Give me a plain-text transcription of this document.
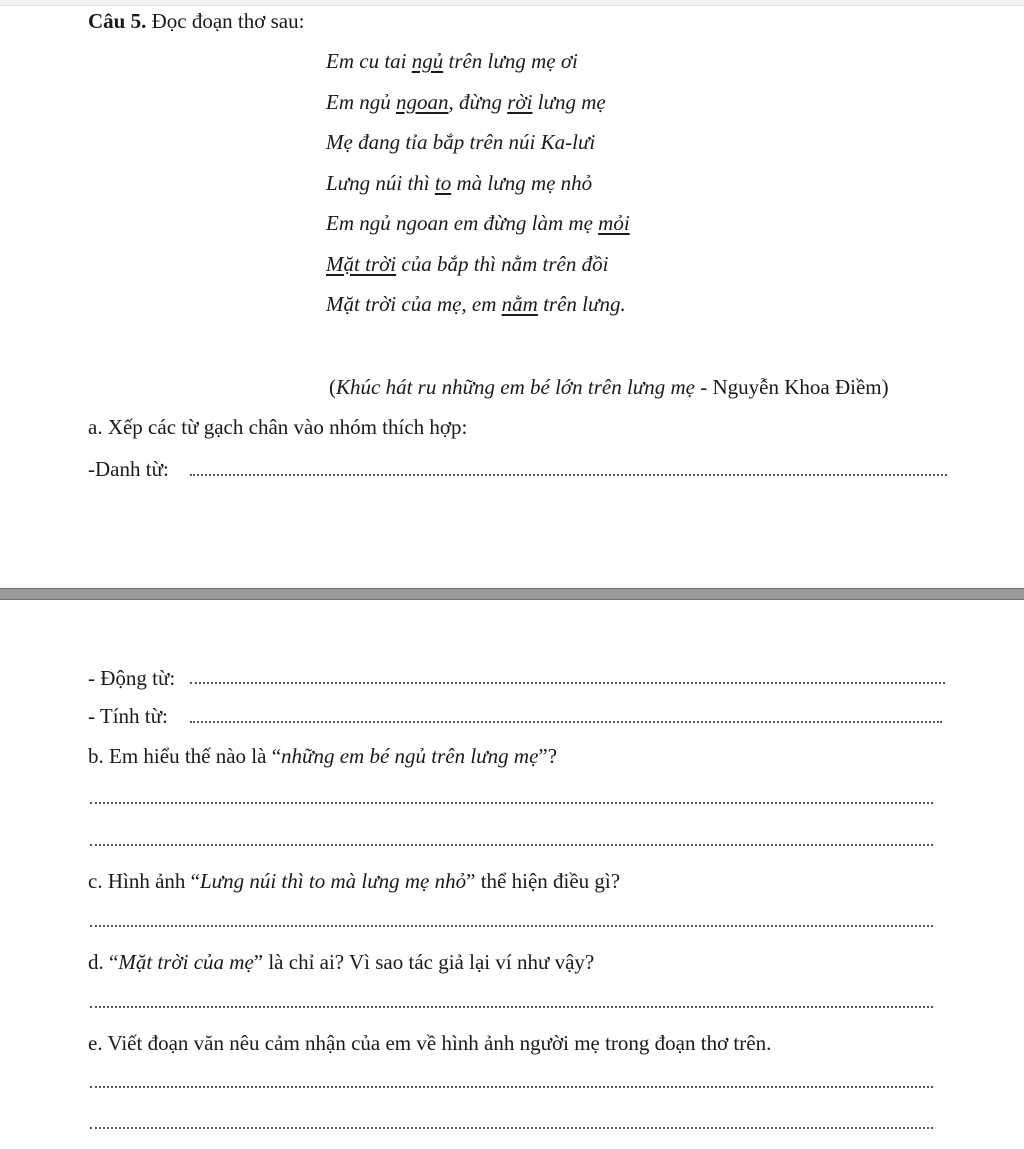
Câu 5. Đọc đoạn thơ sau:
Em cu tai ngủ trên lưng mẹ ơi
Em ngủ ngoan, đừng rời lưng mẹ
Mẹ đang tỉa bắp trên núi Ka-lưi
Lưng núi thì to mà lưng mẹ nhỏ
Em ngủ ngoan em đừng làm mẹ mỏi
Mặt trời của bắp thì nằm trên đồi
Mặt trời của mẹ, em nằm trên lưng.
(Khúc hát ru những em bé lớn trên lưng mẹ - Nguyễn Khoa Điềm)
a. Xếp các từ gạch chân vào nhóm thích hợp:
-Danh từ:
- Động từ:
- Tính từ:
b. Em hiểu thế nào là “những em bé ngủ trên lưng mẹ”?
c. Hình ảnh “Lưng núi thì to mà lưng mẹ nhỏ” thể hiện điều gì?
d. “Mặt trời của mẹ” là chỉ ai? Vì sao tác giả lại ví như vậy?
e. Viết đoạn văn nêu cảm nhận của em về hình ảnh người mẹ trong đoạn thơ trên.
